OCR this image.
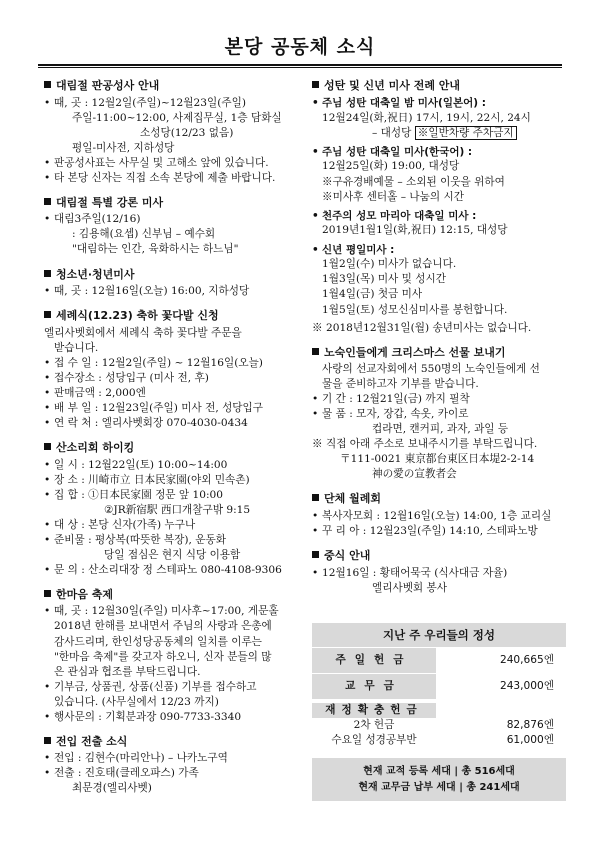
본당 공동체 소식
대림절 판공성사 안내
• 때, 곳 : 12월2일(주일)~12월23일(주일)
주일-11:00~12:00, 사제집무실, 1층 담화실
소성당(12/23 없음)
평일-미사전, 지하성당
• 판공성사표는 사무실 및 고해소 앞에 있습니다.
• 타 본당 신자는 직접 소속 본당에 제출 바랍니다.
대림절 특별 강론 미사
• 대림3주일(12/16)
: 김용해(요셉) 신부님 – 예수회
"대림하는 인간, 육화하시는 하느님"
청소년·청년미사
• 때, 곳 : 12월16일(오늘) 16:00, 지하성당
세례식(12.23) 축하 꽃다발 신청
엘리사벳회에서 세례식 축하 꽃다발 주문을
받습니다.
• 접 수 일 : 12월2일(주일) ~ 12월16일(오늘)
• 접수장소 : 성당입구 (미사 전, 후)
• 판매금액 : 2,000엔
• 배 부 일 : 12월23일(주일) 미사 전, 성당입구
• 연 락 처 : 엘리사벳회장 070-4030-0434
산소리회 하이킹
• 일 시 : 12월22일(토) 10:00~14:00
• 장 소 : 川崎市立 日本民家園(야외 민속촌)
• 집 합 : ①日本民家園 정문 앞 10:00
②JR新宿駅 西口개찰구밖 9:15
• 대 상 : 본당 신자(가족) 누구나
• 준비물 : 평상복(따뜻한 복장), 운동화
당일 점심은 현지 식당 이용함
• 문 의 : 산소리대장 정 스테파노 080-4108-9306
한마음 축제
• 때, 곳 : 12월30일(주일) 미사후~17:00, 게문홀
2018년 한해를 보내면서 주님의 사랑과 은총에
감사드리며, 한인성당공동체의 일치를 이루는
"한마음 축제"를 갖고자 하오니, 신자 분들의 많
은 관심과 협조를 부탁드립니다.
• 기부금, 상품권, 상품(신품) 기부를 접수하고
있습니다. (사무실에서 12/23 까지)
• 행사문의 : 기획분과장 090-7733-3340
전입 전출 소식
• 전입 : 김현수(마리안나) – 나카노구역
• 전출 : 진호태(클레오파스) 가족
최문경(엘리사벳)
성탄 및 신년 미사 전례 안내
• 주님 성탄 대축일 밤 미사(일본어) :
12월24일(화,祝日) 17시, 19시, 22시, 24시
– 대성당 ※일반차량 주차금지
• 주님 성탄 대축일 미사(한국어) :
12월25일(화) 19:00, 대성당
※구유경배예물 – 소외된 이웃을 위하여
※미사후 센터홀 – 나눔의 시간
• 천주의 성모 마리아 대축일 미사 :
2019년1월1일(화,祝日) 12:15, 대성당
• 신년 평일미사 :
1월2일(수) 미사가 없습니다.
1월3일(목) 미사 및 성시간
1월4일(금) 첫금 미사
1월5일(토) 성모신심미사를 봉헌합니다.
※ 2018년12월31일(월) 송년미사는 없습니다.
노숙인들에게 크리스마스 선물 보내기
사랑의 선교자회에서 550명의 노숙인들에게 선
물을 준비하고자 기부를 받습니다.
• 기 간 : 12월21일(금) 까지 필착
• 물 품 : 모자, 장갑, 속옷, 카이로
컵라면, 캔커피, 과자, 과일 등
※ 직접 아래 주소로 보내주시기를 부탁드립니다.
〒111-0021 東京都台東区日本堤2-2-14
神の愛の宣教者会
단체 월례회
• 복사자모회 : 12월16일(오늘) 14:00, 1층 교리실
• 꾸 리 아 : 12월23일(주일) 14:10, 스테파노방
중식 안내
• 12월16일 : 황태어묵국 (식사대금 자율)
엘리사벳회 봉사
지난 주 우리들의 정성
주일헌금	240,665엔
교무금	243,000엔
재정확충헌금
2차 헌금	82,876엔
수요일 성경공부반	61,000엔
현재 교적 등록 세대 | 총 516세대
현재 교무금 납부 세대 | 총 241세대
